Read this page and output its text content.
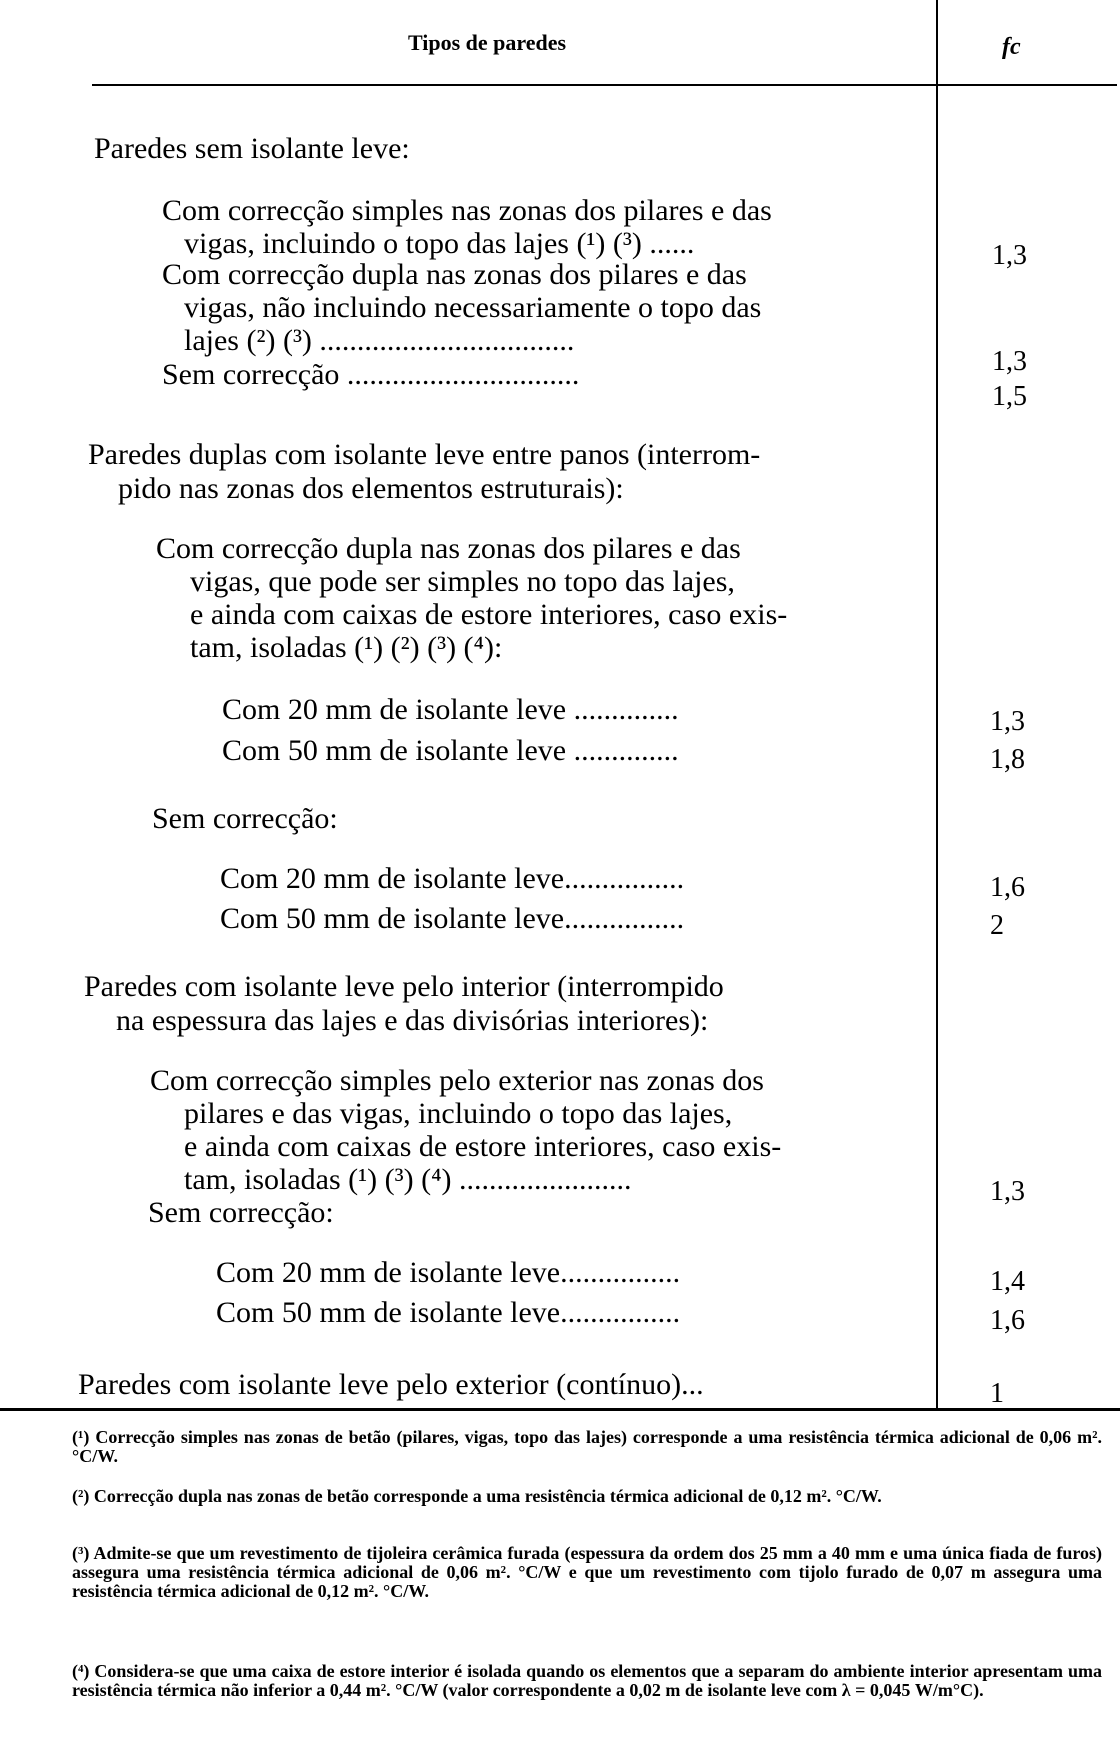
Tipos de paredes	fc
Paredes sem isolante leve:
Com correcção simples nas zonas dos pilares e das
vigas, incluindo o topo das lajes (¹) (³) ......
Com correcção dupla nas zonas dos pilares e das
vigas, não incluindo necessariamente o topo das
lajes (²) (³) ..................................
Sem correcção ...............................
Paredes duplas com isolante leve entre panos (interrom-
pido nas zonas dos elementos estruturais):
Com correcção dupla nas zonas dos pilares e das
vigas, que pode ser simples no topo das lajes,
e ainda com caixas de estore interiores, caso exis-
tam, isoladas (¹) (²) (³) (⁴):
Com 20 mm de isolante leve ..............
Com 50 mm de isolante leve ..............
Sem correcção:
Com 20 mm de isolante leve................
Com 50 mm de isolante leve................
Paredes com isolante leve pelo interior (interrompido
na espessura das lajes e das divisórias interiores):
Com correcção simples pelo exterior nas zonas dos
pilares e das vigas, incluindo o topo das lajes,
e ainda com caixas de estore interiores, caso exis-
tam, isoladas (¹) (³) (⁴) .......................
Sem correcção:
Com 20 mm de isolante leve................
Com 50 mm de isolante leve................
Paredes com isolante leve pelo exterior (contínuo)...
1,3
1,3
1,5
1,3
1,8
1,6
2
1,3
1,4
1,6
1
(¹) Correcção simples nas zonas de betão (pilares, vigas, topo das lajes) corresponde a uma resistência térmica adicional de 0,06 m². °C/W.
(²) Correcção dupla nas zonas de betão corresponde a uma resistência térmica adicional de 0,12 m². °C/W.
(³) Admite-se que um revestimento de tijoleira cerâmica furada (espessura da ordem dos 25 mm a 40 mm e uma única fiada de furos) assegura uma resistência térmica adicional de 0,06 m². °C/W e que um revestimento com tijolo furado de 0,07 m assegura uma resistência térmica adicional de 0,12 m². °C/W.
(⁴) Considera-se que uma caixa de estore interior é isolada quando os elementos que a separam do ambiente interior apresentam uma resistência térmica não inferior a 0,44 m². °C/W (valor correspondente a 0,02 m de isolante leve com λ = 0,045 W/m°C).
